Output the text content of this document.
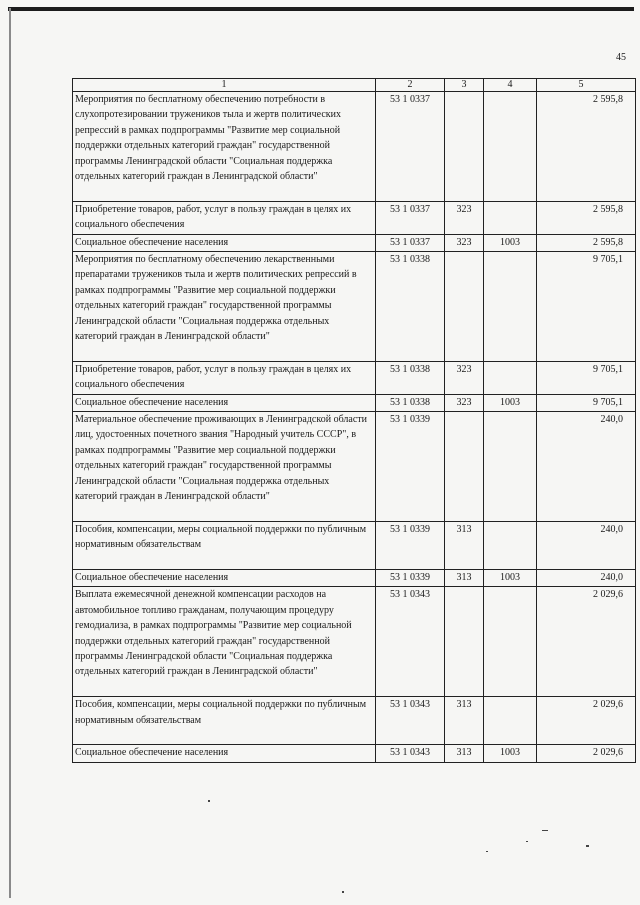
45
1	2	3	4	5
Мероприятия по бесплатному обеспечению потребности в слухопротезировании тружеников тыла и жертв политических репрессий в рамках подпрограммы "Развитие мер социальной поддержки отдельных категорий граждан" государственной программы Ленинградской области "Социальная поддержка отдельных категорий граждан в Ленинградской области"	53 1 0337			2 595,8
Приобретение товаров, работ, услуг в пользу граждан в целях их социального обеспечения	53 1 0337	323		2 595,8
Социальное обеспечение населения	53 1 0337	323	1003	2 595,8
Мероприятия по бесплатному обеспечению лекарственными препаратами тружеников тыла и жертв политических репрессий в рамках подпрограммы "Развитие мер социальной поддержки отдельных категорий граждан" государственной программы Ленинградской области "Социальная поддержка отдельных категорий граждан в Ленинградской области"	53 1 0338			9 705,1
Приобретение товаров, работ, услуг в пользу граждан в целях их социального обеспечения	53 1 0338	323		9 705,1
Социальное обеспечение населения	53 1 0338	323	1003	9 705,1
Материальное обеспечение проживающих в Ленинградской области лиц, удостоенных почетного звания "Народный учитель СССР", в рамках подпрограммы "Развитие мер социальной поддержки отдельных категорий граждан" государственной программы Ленинградской области "Социальная поддержка отдельных категорий граждан в Ленинградской области"	53 1 0339			240,0
Пособия, компенсации, меры социальной поддержки по публичным нормативным обязательствам	53 1 0339	313		240,0
Социальное обеспечение населения	53 1 0339	313	1003	240,0
Выплата ежемесячной денежной компенсации расходов на автомобильное топливо гражданам, получающим процедуру гемодиализа, в рамках подпрограммы "Развитие мер социальной поддержки отдельных категорий граждан" государственной программы Ленинградской области "Социальная поддержка отдельных категорий граждан в Ленинградской области"	53 1 0343			2 029,6
Пособия, компенсации, меры социальной поддержки по публичным нормативным обязательствам	53 1 0343	313		2 029,6
Социальное обеспечение населения	53 1 0343	313	1003	2 029,6
